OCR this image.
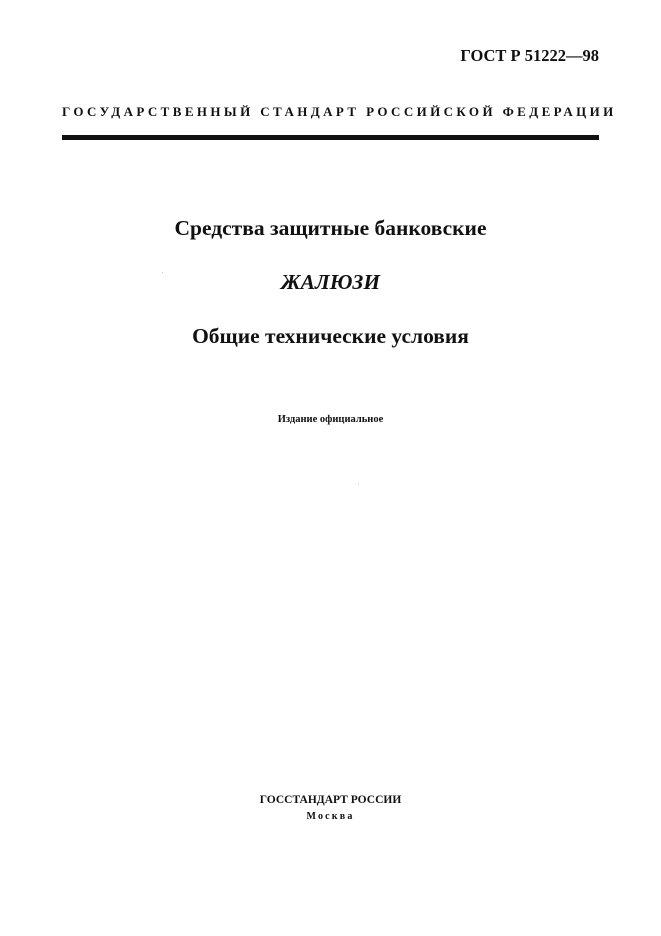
ГОСТ Р 51222—98
ГОСУДАРСТВЕННЫЙ СТАНДАРТ РОССИЙСКОЙ ФЕДЕРАЦИИ
Средства защитные банковские
ЖАЛЮЗИ
Общие технические условия
Издание официальное
ГОССТАНДАРТ РОССИИ
Москва
